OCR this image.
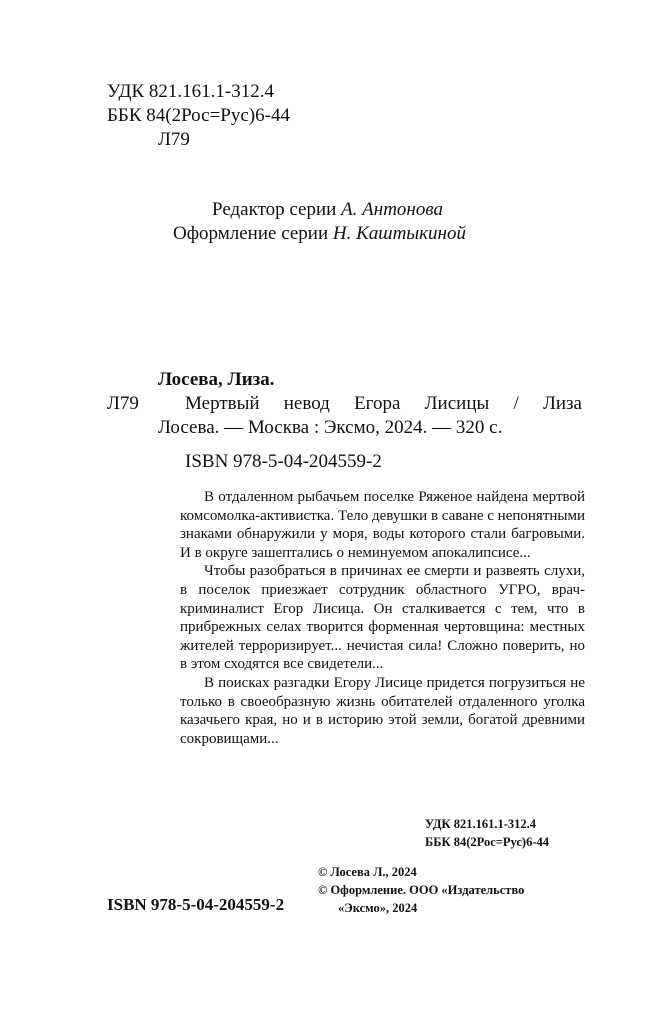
УДК 821.161.1-312.4
ББК 84(2Рос=Рус)6-44
Л79
Редактор серии А. Антонова
Оформление серии Н. Каштыкиной
Лосева, Лиза.
Л79 Мертвый невод Егора Лисицы / Лиза
Лосева. — Москва : Эксмо, 2024. — 320 с.
ISBN 978-5-04-204559-2

В отдаленном рыбачьем поселке Ряженое найдена мертвой комсомолка-активистка. Тело девушки в саване с непонятными знаками обнаружили у моря, воды которого стали багровыми. И в округе зашептались о неминуемом апокалипсисе...

Чтобы разобраться в причинах ее смерти и развеять слухи, в поселок приезжает сотрудник областного УГРО, врач-криминалист Егор Лисица. Он сталкивается с тем, что в прибрежных селах творится форменная чертовщина: местных жителей терроризирует... нечистая сила! Сложно поверить, но в этом сходятся все свидетели...

В поисках разгадки Егору Лисице придется погрузиться не только в своеобразную жизнь обитателей отдаленного уголка казачьего края, но и в историю этой земли, богатой древними сокровищами...

УДК 821.161.1-312.4
ББК 84(2Рос=Рус)6-44
ISBN 978-5-04-204559-2
© Лосева Л., 2024
© Оформление. ООО «Издательство
«Эксмо», 2024
